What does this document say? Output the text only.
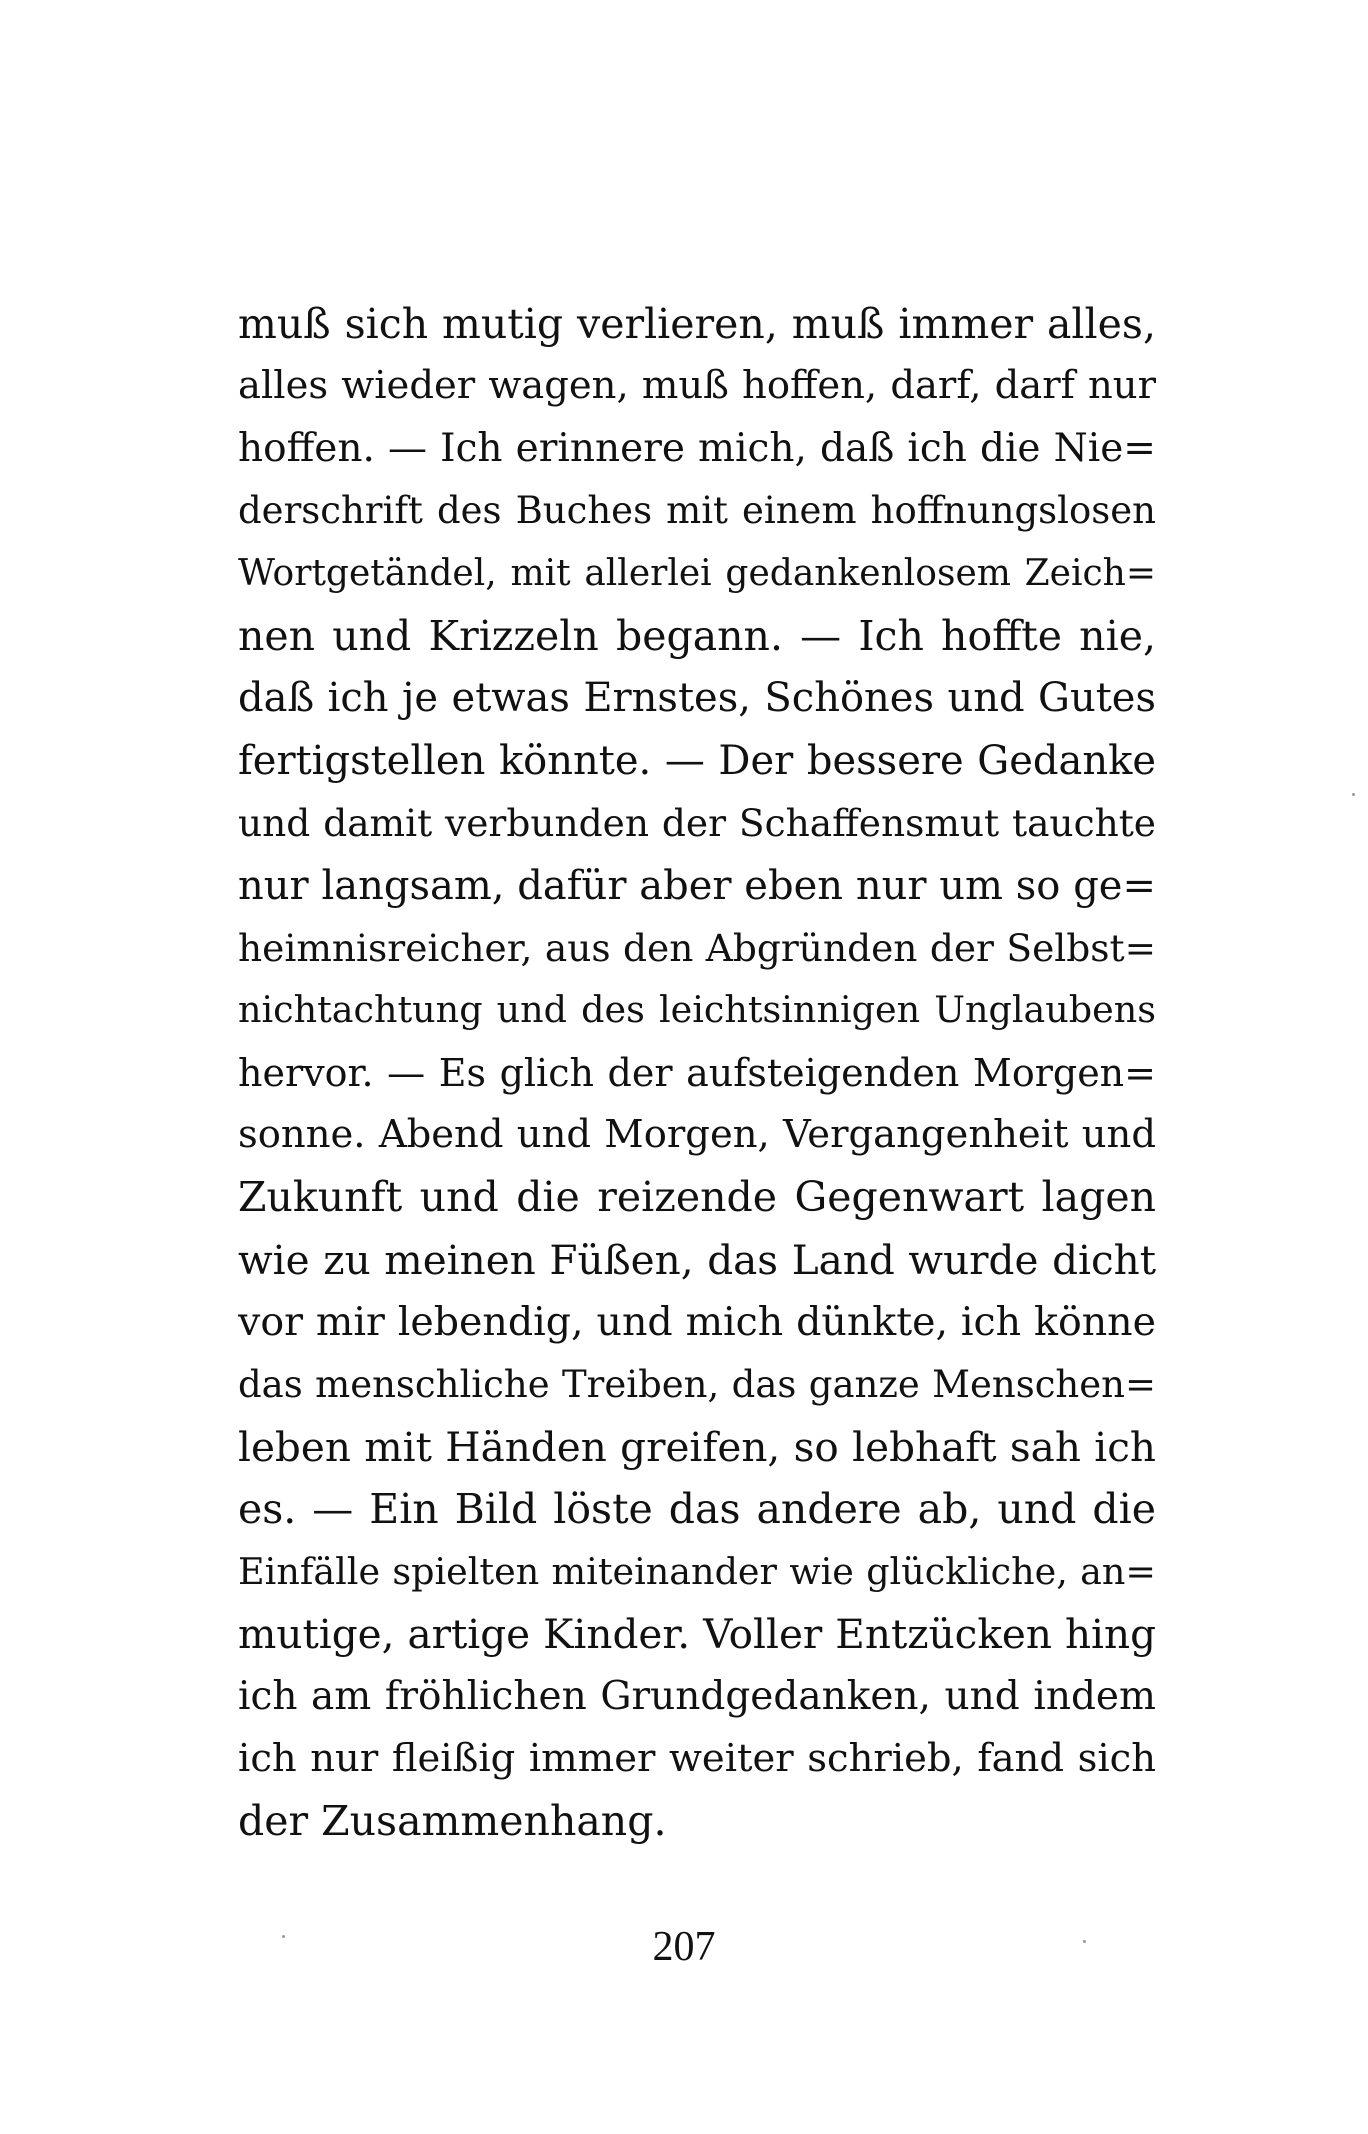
muß sich mutig verlieren, muß immer alles,
alles wieder wagen, muß hoffen, darf, darf nur
hoffen. — Ich erinnere mich, daß ich die Nie=
derschrift des Buches mit einem hoffnungslosen
Wortgetändel, mit allerlei gedankenlosem Zeich=
nen und Krizzeln begann. — Ich hoffte nie,
daß ich je etwas Ernstes, Schönes und Gutes
fertigstellen könnte. — Der bessere Gedanke
und damit verbunden der Schaffensmut tauchte
nur langsam, dafür aber eben nur um so ge=
heimnisreicher, aus den Abgründen der Selbst=
nichtachtung und des leichtsinnigen Unglaubens
hervor. — Es glich der aufsteigenden Morgen=
sonne. Abend und Morgen, Vergangenheit und
Zukunft und die reizende Gegenwart lagen
wie zu meinen Füßen, das Land wurde dicht
vor mir lebendig, und mich dünkte, ich könne
das menschliche Treiben, das ganze Menschen=
leben mit Händen greifen, so lebhaft sah ich
es. — Ein Bild löste das andere ab, und die
Einfälle spielten miteinander wie glückliche, an=
mutige, artige Kinder. Voller Entzücken hing
ich am fröhlichen Grundgedanken, und indem
ich nur fleißig immer weiter schrieb, fand sich
der Zusammenhang.
207
